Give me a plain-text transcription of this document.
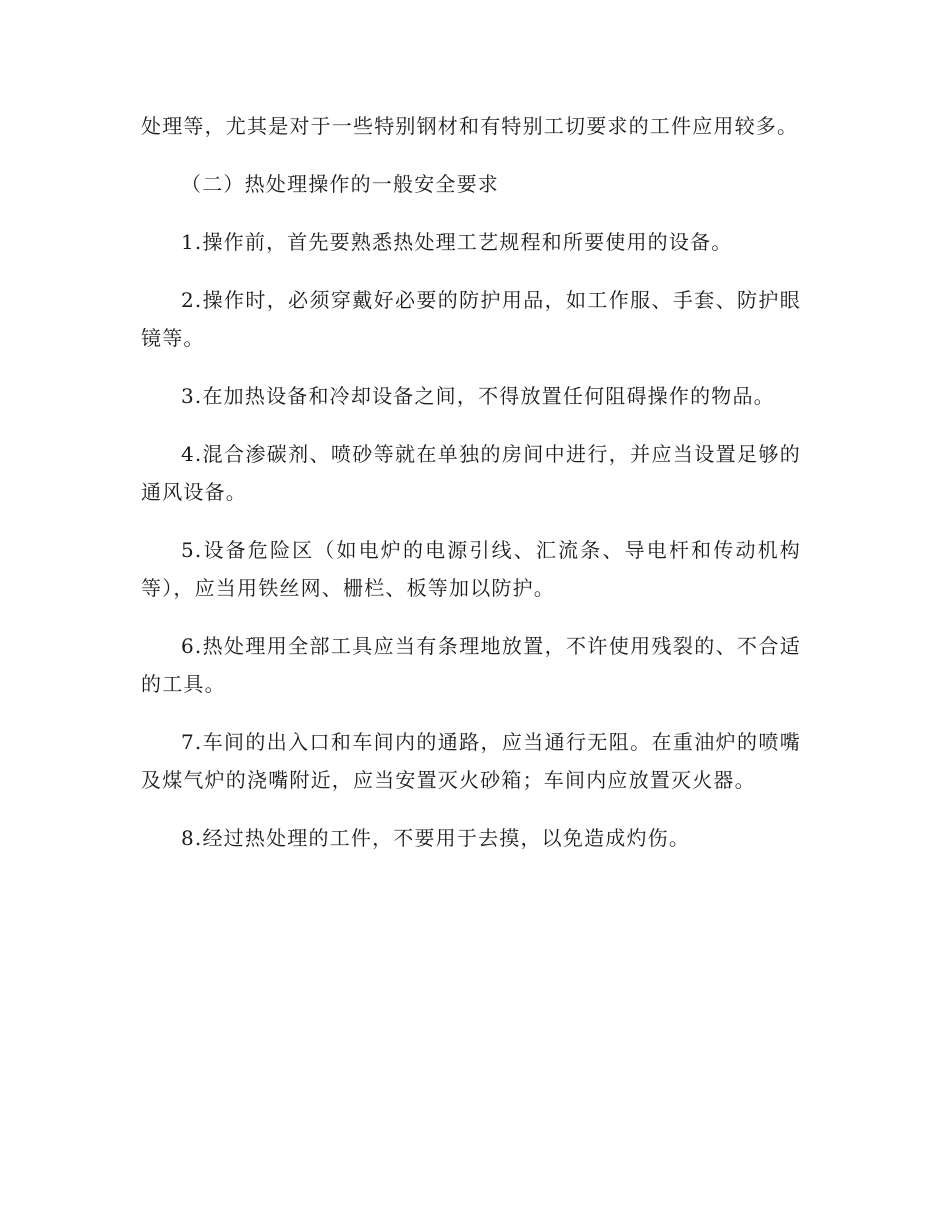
处理等，尤其是对于一些特别钢材和有特别工切要求的工件应用较多。

（二）热处理操作的一般安全要求

1.操作前，首先要熟悉热处理工艺规程和所要使用的设备。

2.操作时，必须穿戴好必要的防护用品，如工作服、手套、防护眼镜等。

3.在加热设备和冷却设备之间，不得放置任何阻碍操作的物品。

4.混合渗碳剂、喷砂等就在单独的房间中进行，并应当设置足够的通风设备。

5.设备危险区（如电炉的电源引线、汇流条、导电杆和传动机构等），应当用铁丝网、栅栏、板等加以防护。

6.热处理用全部工具应当有条理地放置，不许使用残裂的、不合适的工具。

7.车间的出入口和车间内的通路，应当通行无阻。在重油炉的喷嘴及煤气炉的浇嘴附近，应当安置灭火砂箱；车间内应放置灭火器。

8.经过热处理的工件，不要用于去摸，以免造成灼伤。
